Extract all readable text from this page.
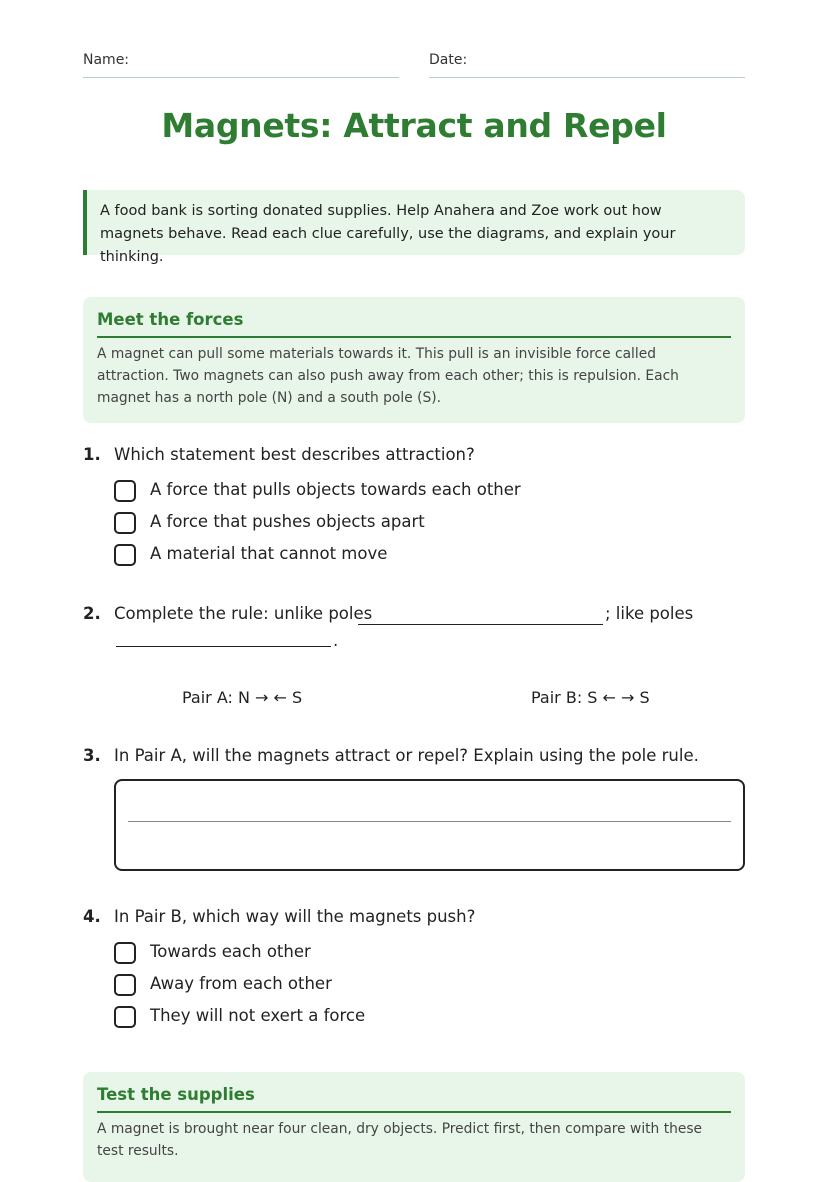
Name:	Date:
Magnets: Attract and Repel
A food bank is sorting donated supplies. Help Anahera and Zoe work out how magnets behave. Read each clue carefully, use the diagrams, and explain your thinking.
Meet the forces
A magnet can pull some materials towards it. This pull is an invisible force called attraction. Two magnets can also push away from each other; this is repulsion. Each magnet has a north pole (N) and a south pole (S).
1. Which statement best describes attraction?
A force that pulls objects towards each other
A force that pushes objects apart
A material that cannot move
2. Complete the rule: unlike poles	; like poles
.
Pair A: N → ← S	Pair B: S ← → S
3. In Pair A, will the magnets attract or repel? Explain using the pole rule.
4. In Pair B, which way will the magnets push?
Towards each other
Away from each other
They will not exert a force
Test the supplies
A magnet is brought near four clean, dry objects. Predict first, then compare with these test results.
